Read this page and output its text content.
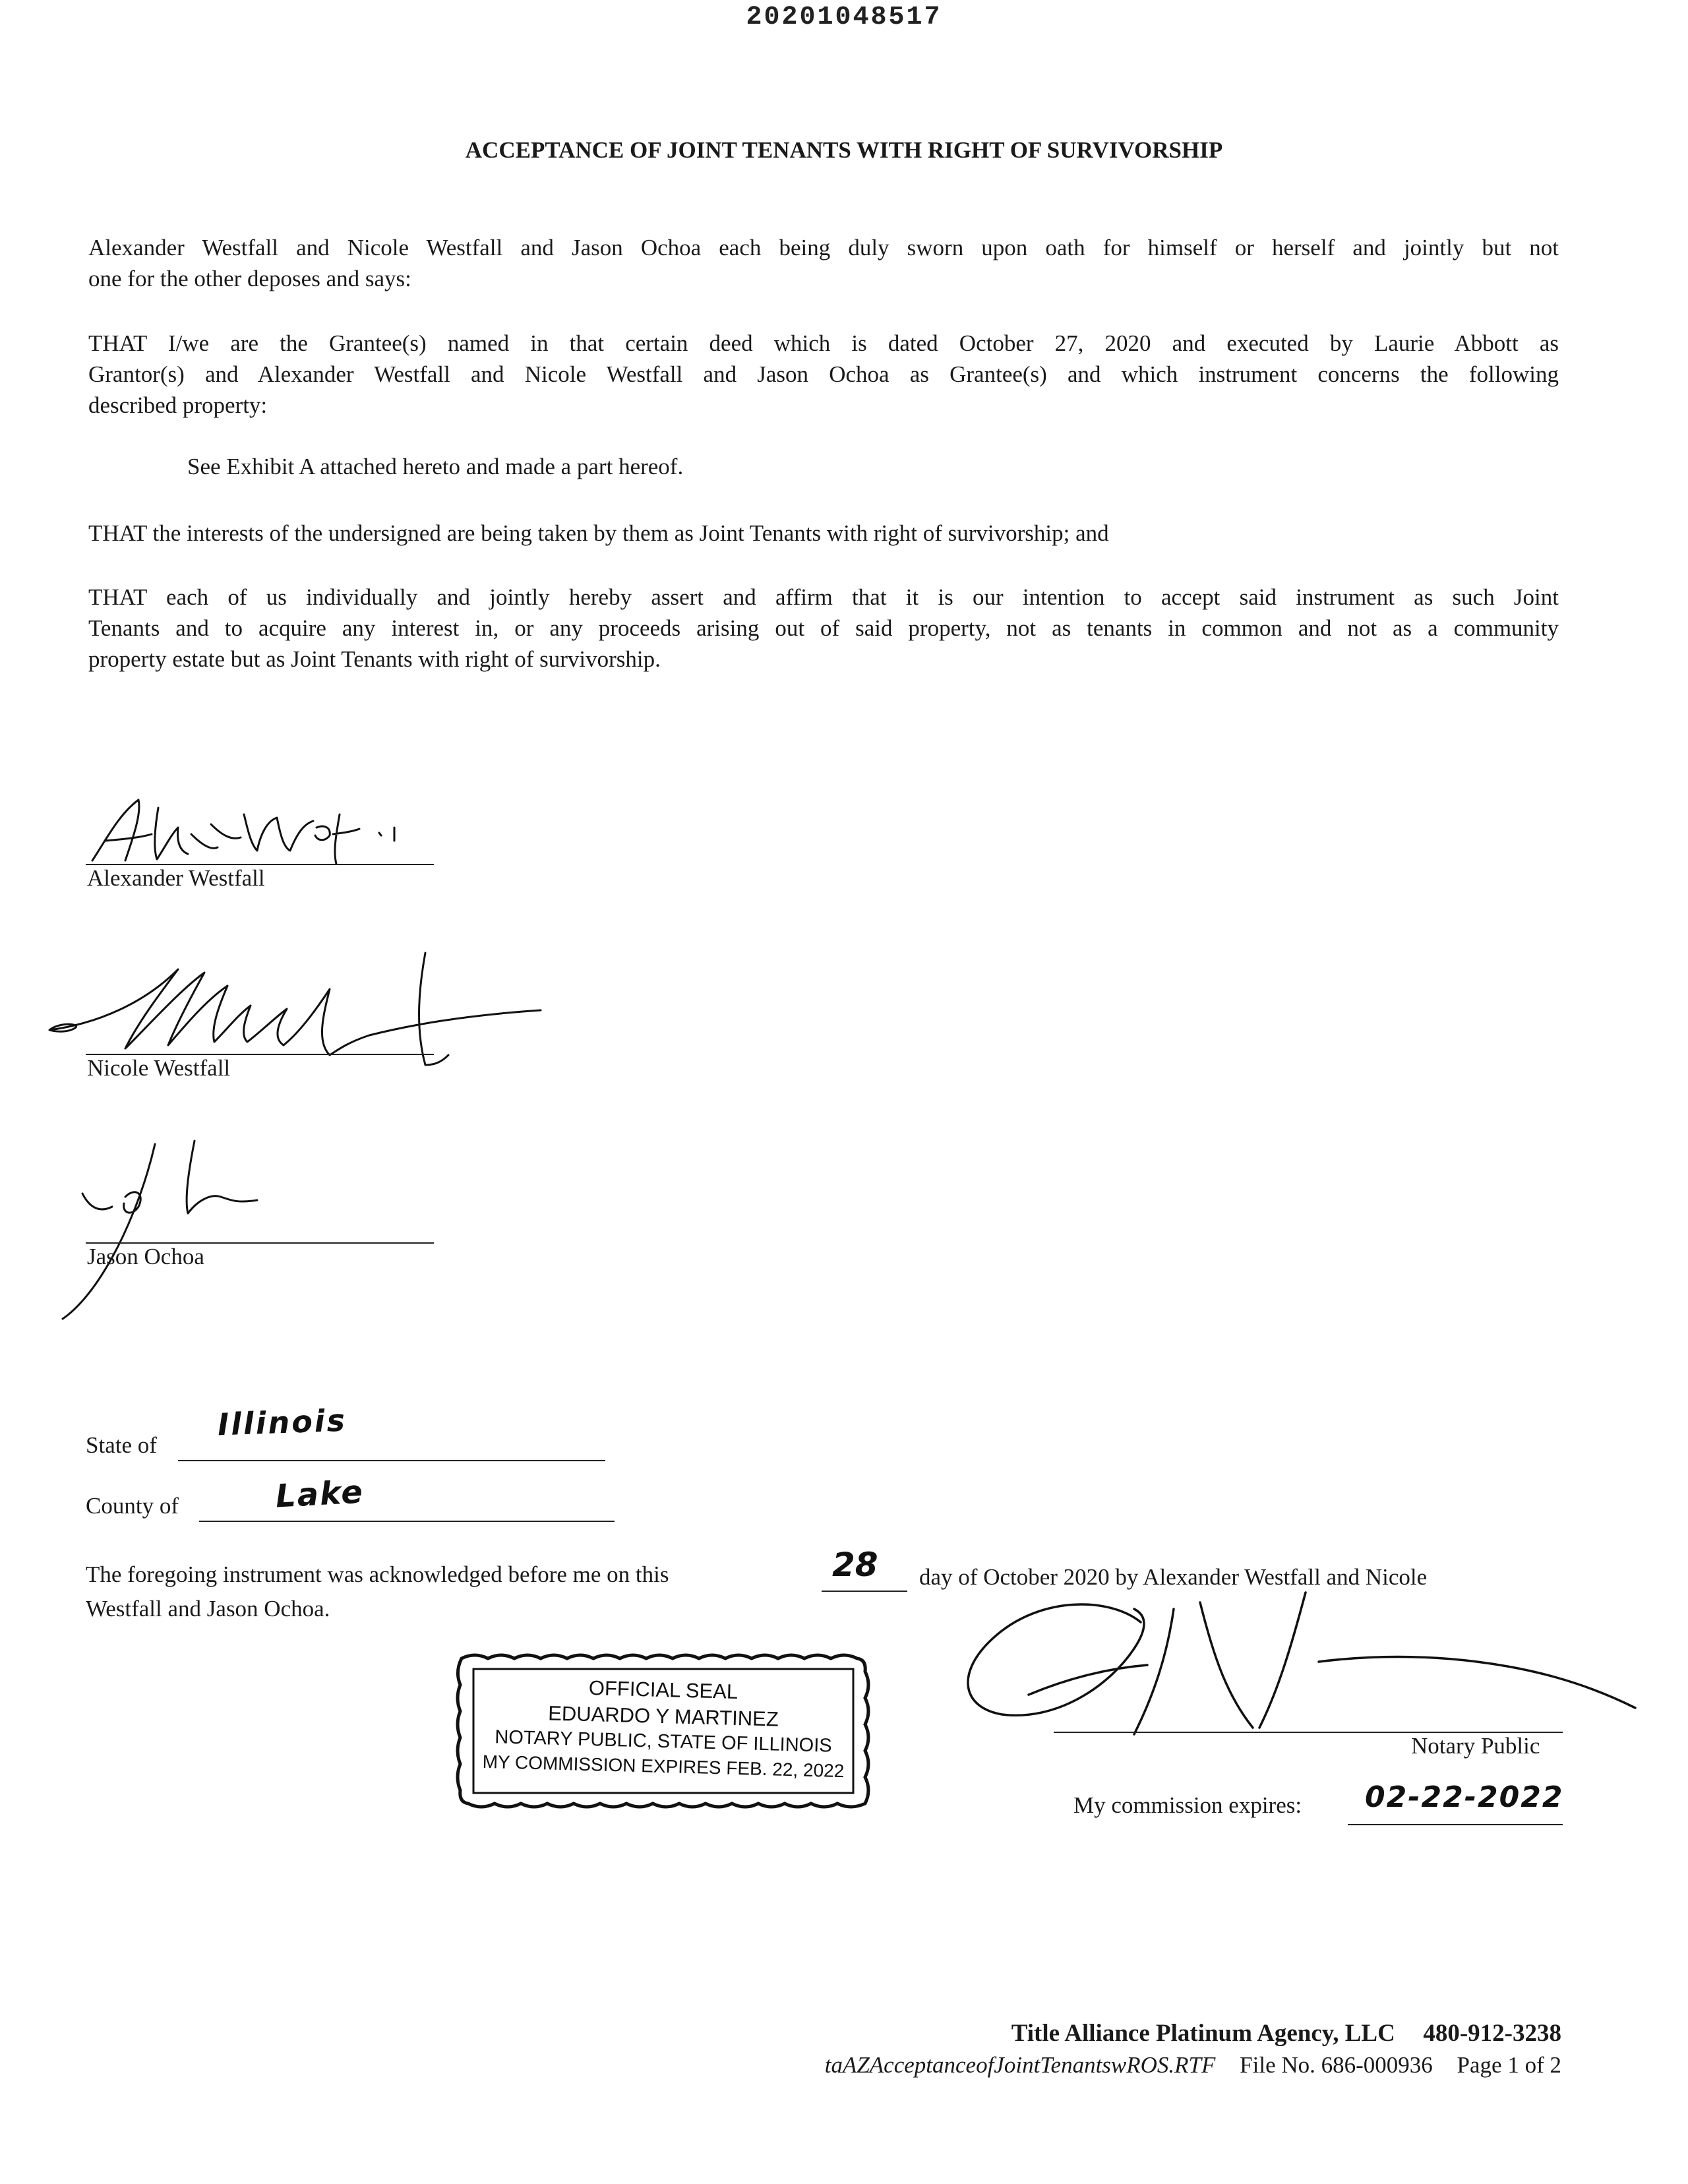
20201048517
ACCEPTANCE OF JOINT TENANTS WITH RIGHT OF SURVIVORSHIP
Alexander Westfall and Nicole Westfall and Jason Ochoa each being duly sworn upon oath for himself or herself and jointly but not
one for the other deposes and says:
THAT I/we are the Grantee(s) named in that certain deed which is dated October 27, 2020 and executed by Laurie Abbott as
Grantor(s) and Alexander Westfall and Nicole Westfall and Jason Ochoa as Grantee(s) and which instrument concerns the following
described property:
See Exhibit A attached hereto and made a part hereof.
THAT the interests of the undersigned are being taken by them as Joint Tenants with right of survivorship; and
THAT each of us individually and jointly hereby assert and affirm that it is our intention to accept said instrument as such Joint
Tenants and to acquire any interest in, or any proceeds arising out of said property, not as tenants in common and not as a community
property estate but as Joint Tenants with right of survivorship.
Alexander Westfall
Nicole Westfall
Jason Ochoa
State of
Illinois
County of	Lake
The foregoing instrument was acknowledged before me on this	28 day of October 2020 by Alexander Westfall and Nicole
Westfall and Jason Ochoa.
OFFICIAL SEAL
EDUARDO Y MARTINEZ
NOTARY PUBLIC, STATE OF ILLINOIS
MY COMMISSION EXPIRES FEB. 22, 2022
Notary Public
My commission expires: 02-22-2022
Title Alliance Platinum Agency, LLC 480-912-3238
taAZAcceptanceofJointTenantswROS.RTF File No. 686-000936 Page 1 of 2
